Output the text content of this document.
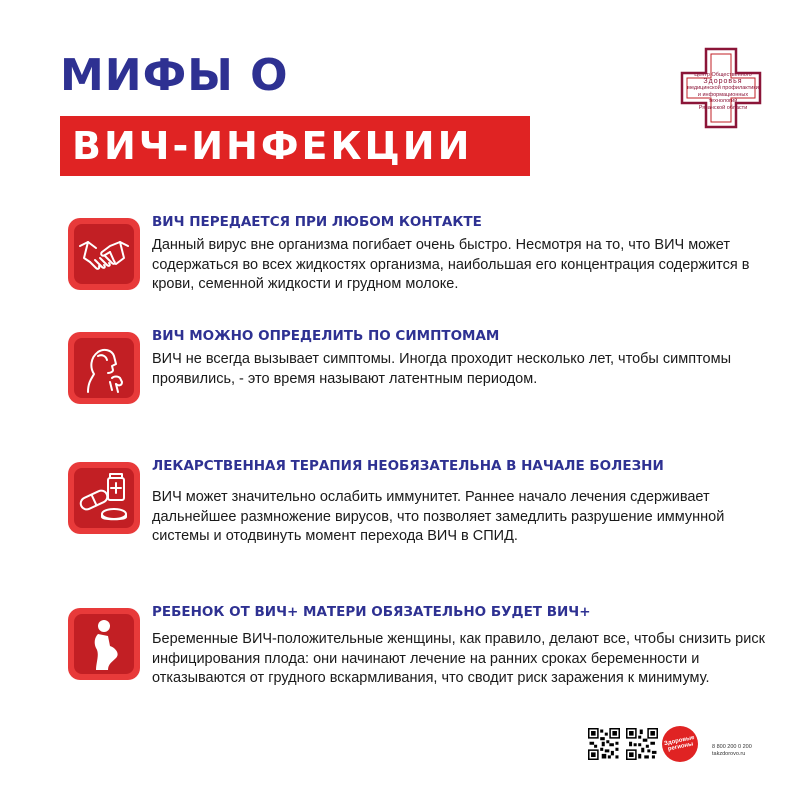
МИФЫ О
ВИЧ-ИНФЕКЦИИ
Центр Общественного
Здоровья
медицинской профилактики
и информационных технологий
Рязанской области
ВИЧ ПЕРЕДАЕТСЯ ПРИ ЛЮБОМ КОНТАКТЕ
Данный вирус вне организма погибает очень быстро. Несмотря на то, что ВИЧ может содержаться во всех жидкостях организма, наибольшая его концентрация содержится в крови, семенной жидкости и грудном молоке.
ВИЧ МОЖНО ОПРЕДЕЛИТЬ ПО СИМПТОМАМ
ВИЧ не всегда вызывает симптомы. Иногда проходит несколько лет, чтобы симптомы проявились, - это время называют латентным периодом.
ЛЕКАРСТВЕННАЯ ТЕРАПИЯ НЕОБЯЗАТЕЛЬНА В НАЧАЛЕ БОЛЕЗНИ
ВИЧ может значительно ослабить иммунитет. Раннее начало лечения сдерживает дальнейшее размножение вирусов, что позволяет замедлить разрушение иммунной системы и отодвинуть момент перехода ВИЧ в СПИД.
РЕБЕНОК ОТ ВИЧ+ МАТЕРИ ОБЯЗАТЕЛЬНО БУДЕТ ВИЧ+
Беременные ВИЧ-положительные женщины, как правило, делают все, чтобы снизить риск инфицирования плода: они начинают лечение на ранних сроках беременности и отказываются от грудного вскармливания, что сводит риск заражения к минимуму.
Здоровые регионы	8 800 200 0 200
takzdorovo.ru
